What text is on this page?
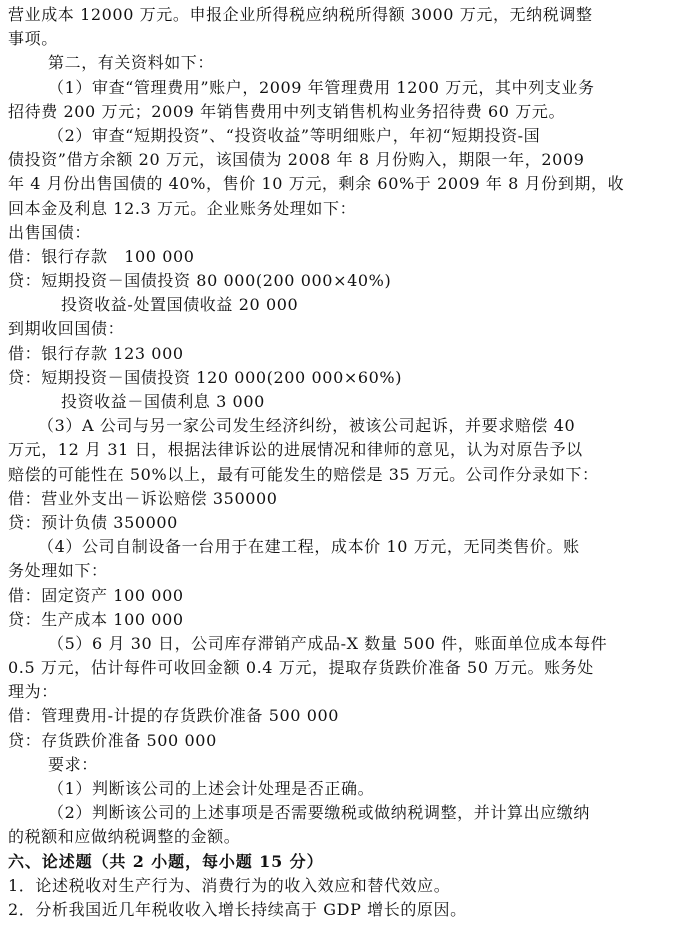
营业成本 12000 万元。申报企业所得税应纳税所得额 3000 万元，无纳税调整
事项。
第二，有关资料如下：
（1）审查“管理费用”账户，2009 年管理费用 1200 万元，其中列支业务
招待费 200 万元；2009 年销售费用中列支销售机构业务招待费 60 万元。
（2）审查“短期投资”、“投资收益”等明细账户，年初“短期投资-国
债投资”借方余额 20 万元，该国债为 2008 年 8 月份购入，期限一年，2009
年 4 月份出售国债的 40%，售价 10 万元，剩余 60%于 2009 年 8 月份到期，收
回本金及利息 12.3 万元。企业账务处理如下：
出售国债：
借：银行存款　100 000
贷：短期投资－国债投资 80 000(200 000×40%)
投资收益-处置国债收益 20 000
到期收回国债：
借：银行存款 123 000
贷：短期投资－国债投资 120 000(200 000×60%)
投资收益－国债利息 3 000
（3）A 公司与另一家公司发生经济纠纷，被该公司起诉，并要求赔偿 40
万元，12 月 31 日，根据法律诉讼的进展情况和律师的意见，认为对原告予以
赔偿的可能性在 50%以上，最有可能发生的赔偿是 35 万元。公司作分录如下：
借：营业外支出－诉讼赔偿 350000
贷：预计负债 350000
（4）公司自制设备一台用于在建工程，成本价 10 万元，无同类售价。账
务处理如下：
借：固定资产 100 000
贷：生产成本 100 000
（5）6 月 30 日，公司库存滞销产成品-X 数量 500 件，账面单位成本每件
0.5 万元，估计每件可收回金额 0.4 万元，提取存货跌价准备 50 万元。账务处
理为：
借：管理费用-计提的存货跌价准备 500 000
贷：存货跌价准备 500 000
要求：
（1）判断该公司的上述会计处理是否正确。
（2）判断该公司的上述事项是否需要缴税或做纳税调整，并计算出应缴纳
的税额和应做纳税调整的金额。
六、论述题（共 2 小题，每小题 15 分）
1．论述税收对生产行为、消费行为的收入效应和替代效应。
2．分析我国近几年税收收入增长持续高于 GDP 增长的原因。
